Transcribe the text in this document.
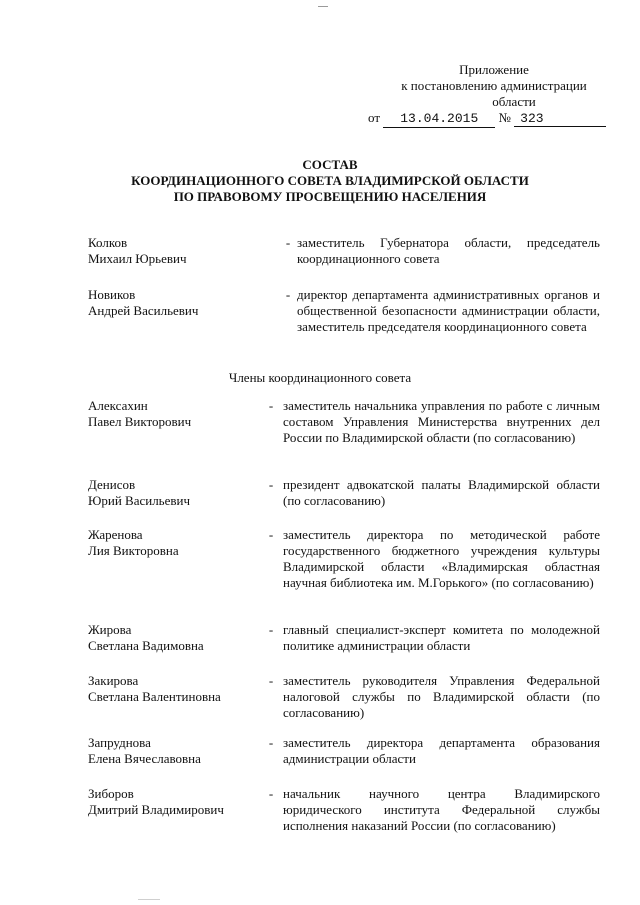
Приложение
к постановлению администрации
области
от 13.04.2015 № 323
СОСТАВ
КООРДИНАЦИОННОГО СОВЕТА ВЛАДИМИРСКОЙ ОБЛАСТИ
ПО ПРАВОВОМУ ПРОСВЕЩЕНИЮ НАСЕЛЕНИЯ
Колков
Михаил Юрьевич
- заместитель Губернатора области, председатель координационного совета

Новиков
Андрей Васильевич
- директор департамента административных органов и общественной безопасности администрации области, заместитель председателя координационного совета

Члены координационного совета
Алексахин
Павел Викторович
- заместитель начальника управления по работе с личным составом Управления Министерства внутренних дел России по Владимирской области (по согласованию)

Денисов
Юрий Васильевич
- президент адвокатской палаты Владимирской области (по согласованию)

Жаренова
Лия Викторовна
- заместитель директора по методической работе государственного бюджетного учреждения культуры Владимирской области «Владимирская областная научная библиотека им. М.Горького» (по согласованию)

Жирова
Светлана Вадимовна
- главный специалист-эксперт комитета по молодежной политике администрации области

Закирова
Светлана Валентиновна
- заместитель руководителя Управления Федеральной налоговой службы по Владимирской области (по согласованию)

Запруднова
Елена Вячеславовна
- заместитель директора департамента образования администрации области

Зиборов
Дмитрий Владимирович
- начальник научного центра Владимирского юридического института Федеральной службы исполнения наказаний России (по согласованию)
